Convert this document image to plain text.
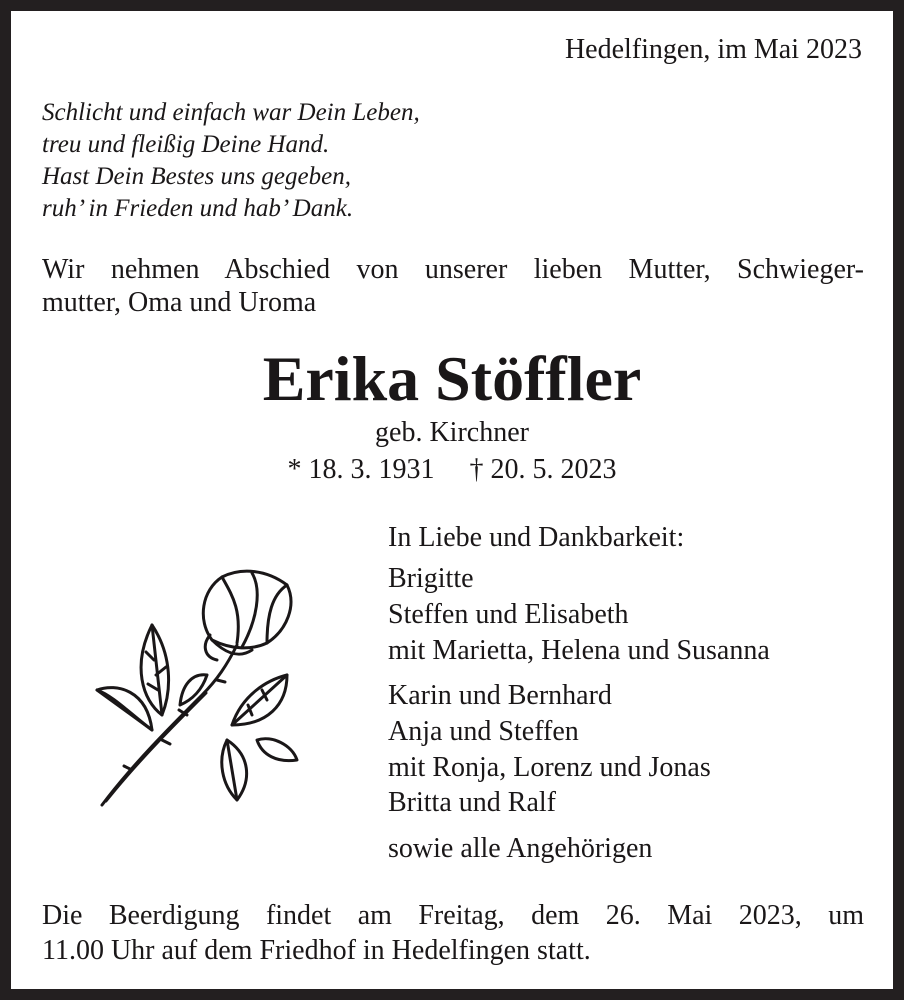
Hedelfingen, im Mai 2023
Schlicht und einfach war Dein Leben,
treu und fleißig Deine Hand.
Hast Dein Bestes uns gegeben,
ruh’ in Frieden und hab’ Dank.
Wir nehmen Abschied von unserer lieben Mutter, Schwieger-
mutter, Oma und Uroma
Erika Stöffler
geb. Kirchner
* 18. 3. 1931 † 20. 5. 2023
In Liebe und Dankbarkeit:
Brigitte
Steffen und Elisabeth
mit Marietta, Helena und Susanna
Karin und Bernhard
Anja und Steffen
mit Ronja, Lorenz und Jonas
Britta und Ralf
sowie alle Angehörigen
Die Beerdigung findet am Freitag, dem 26. Mai 2023, um
11.00 Uhr auf dem Friedhof in Hedelfingen statt.
